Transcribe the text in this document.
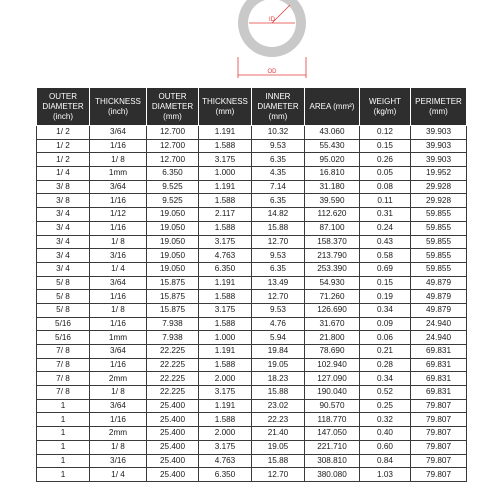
ID
OD
OUTER DIAMETER (inch)	THICKNESS (inch)	OUTER DIAMETER (mm)	THICKNESS (mm)	INNER DIAMETER (mm)	AREA (mm²)	WEIGHT (kg/m)	PERIMETER (mm)
1/ 2	3/64	12.700	1.191	10.32	43.060	0.12	39.903
1/ 2	1/16	12.700	1.588	9.53	55.430	0.15	39.903
1/ 2	1/ 8	12.700	3.175	6.35	95.020	0.26	39.903
1/ 4	1mm	6.350	1.000	4.35	16.810	0.05	19.952
3/ 8	3/64	9.525	1.191	7.14	31.180	0.08	29.928
3/ 8	1/16	9.525	1.588	6.35	39.590	0.11	29.928
3/ 4	1/12	19.050	2.117	14.82	112.620	0.31	59.855
3/ 4	1/16	19.050	1.588	15.88	87.100	0.24	59.855
3/ 4	1/ 8	19.050	3.175	12.70	158.370	0.43	59.855
3/ 4	3/16	19.050	4.763	9.53	213.790	0.58	59.855
3/ 4	1/ 4	19.050	6.350	6.35	253.390	0.69	59.855
5/ 8	3/64	15.875	1.191	13.49	54.930	0.15	49.879
5/ 8	1/16	15.875	1.588	12.70	71.260	0.19	49.879
5/ 8	1/ 8	15.875	3.175	9.53	126.690	0.34	49.879
5/16	1/16	7.938	1.588	4.76	31.670	0.09	24.940
5/16	1mm	7.938	1.000	5.94	21.800	0.06	24.940
7/ 8	3/64	22.225	1.191	19.84	78.690	0.21	69.831
7/ 8	1/16	22.225	1.588	19.05	102.940	0.28	69.831
7/ 8	2mm	22.225	2.000	18.23	127.090	0.34	69.831
7/ 8	1/ 8	22.225	3.175	15.88	190.040	0.52	69.831
1	3/64	25.400	1.191	23.02	90.570	0.25	79.807
1	1/16	25.400	1.588	22.23	118.770	0.32	79.807
1	2mm	25.400	2.000	21.40	147.050	0.40	79.807
1	1/ 8	25.400	3.175	19.05	221.710	0.60	79.807
1	3/16	25.400	4.763	15.88	308.810	0.84	79.807
1	1/ 4	25.400	6.350	12.70	380.080	1.03	79.807
